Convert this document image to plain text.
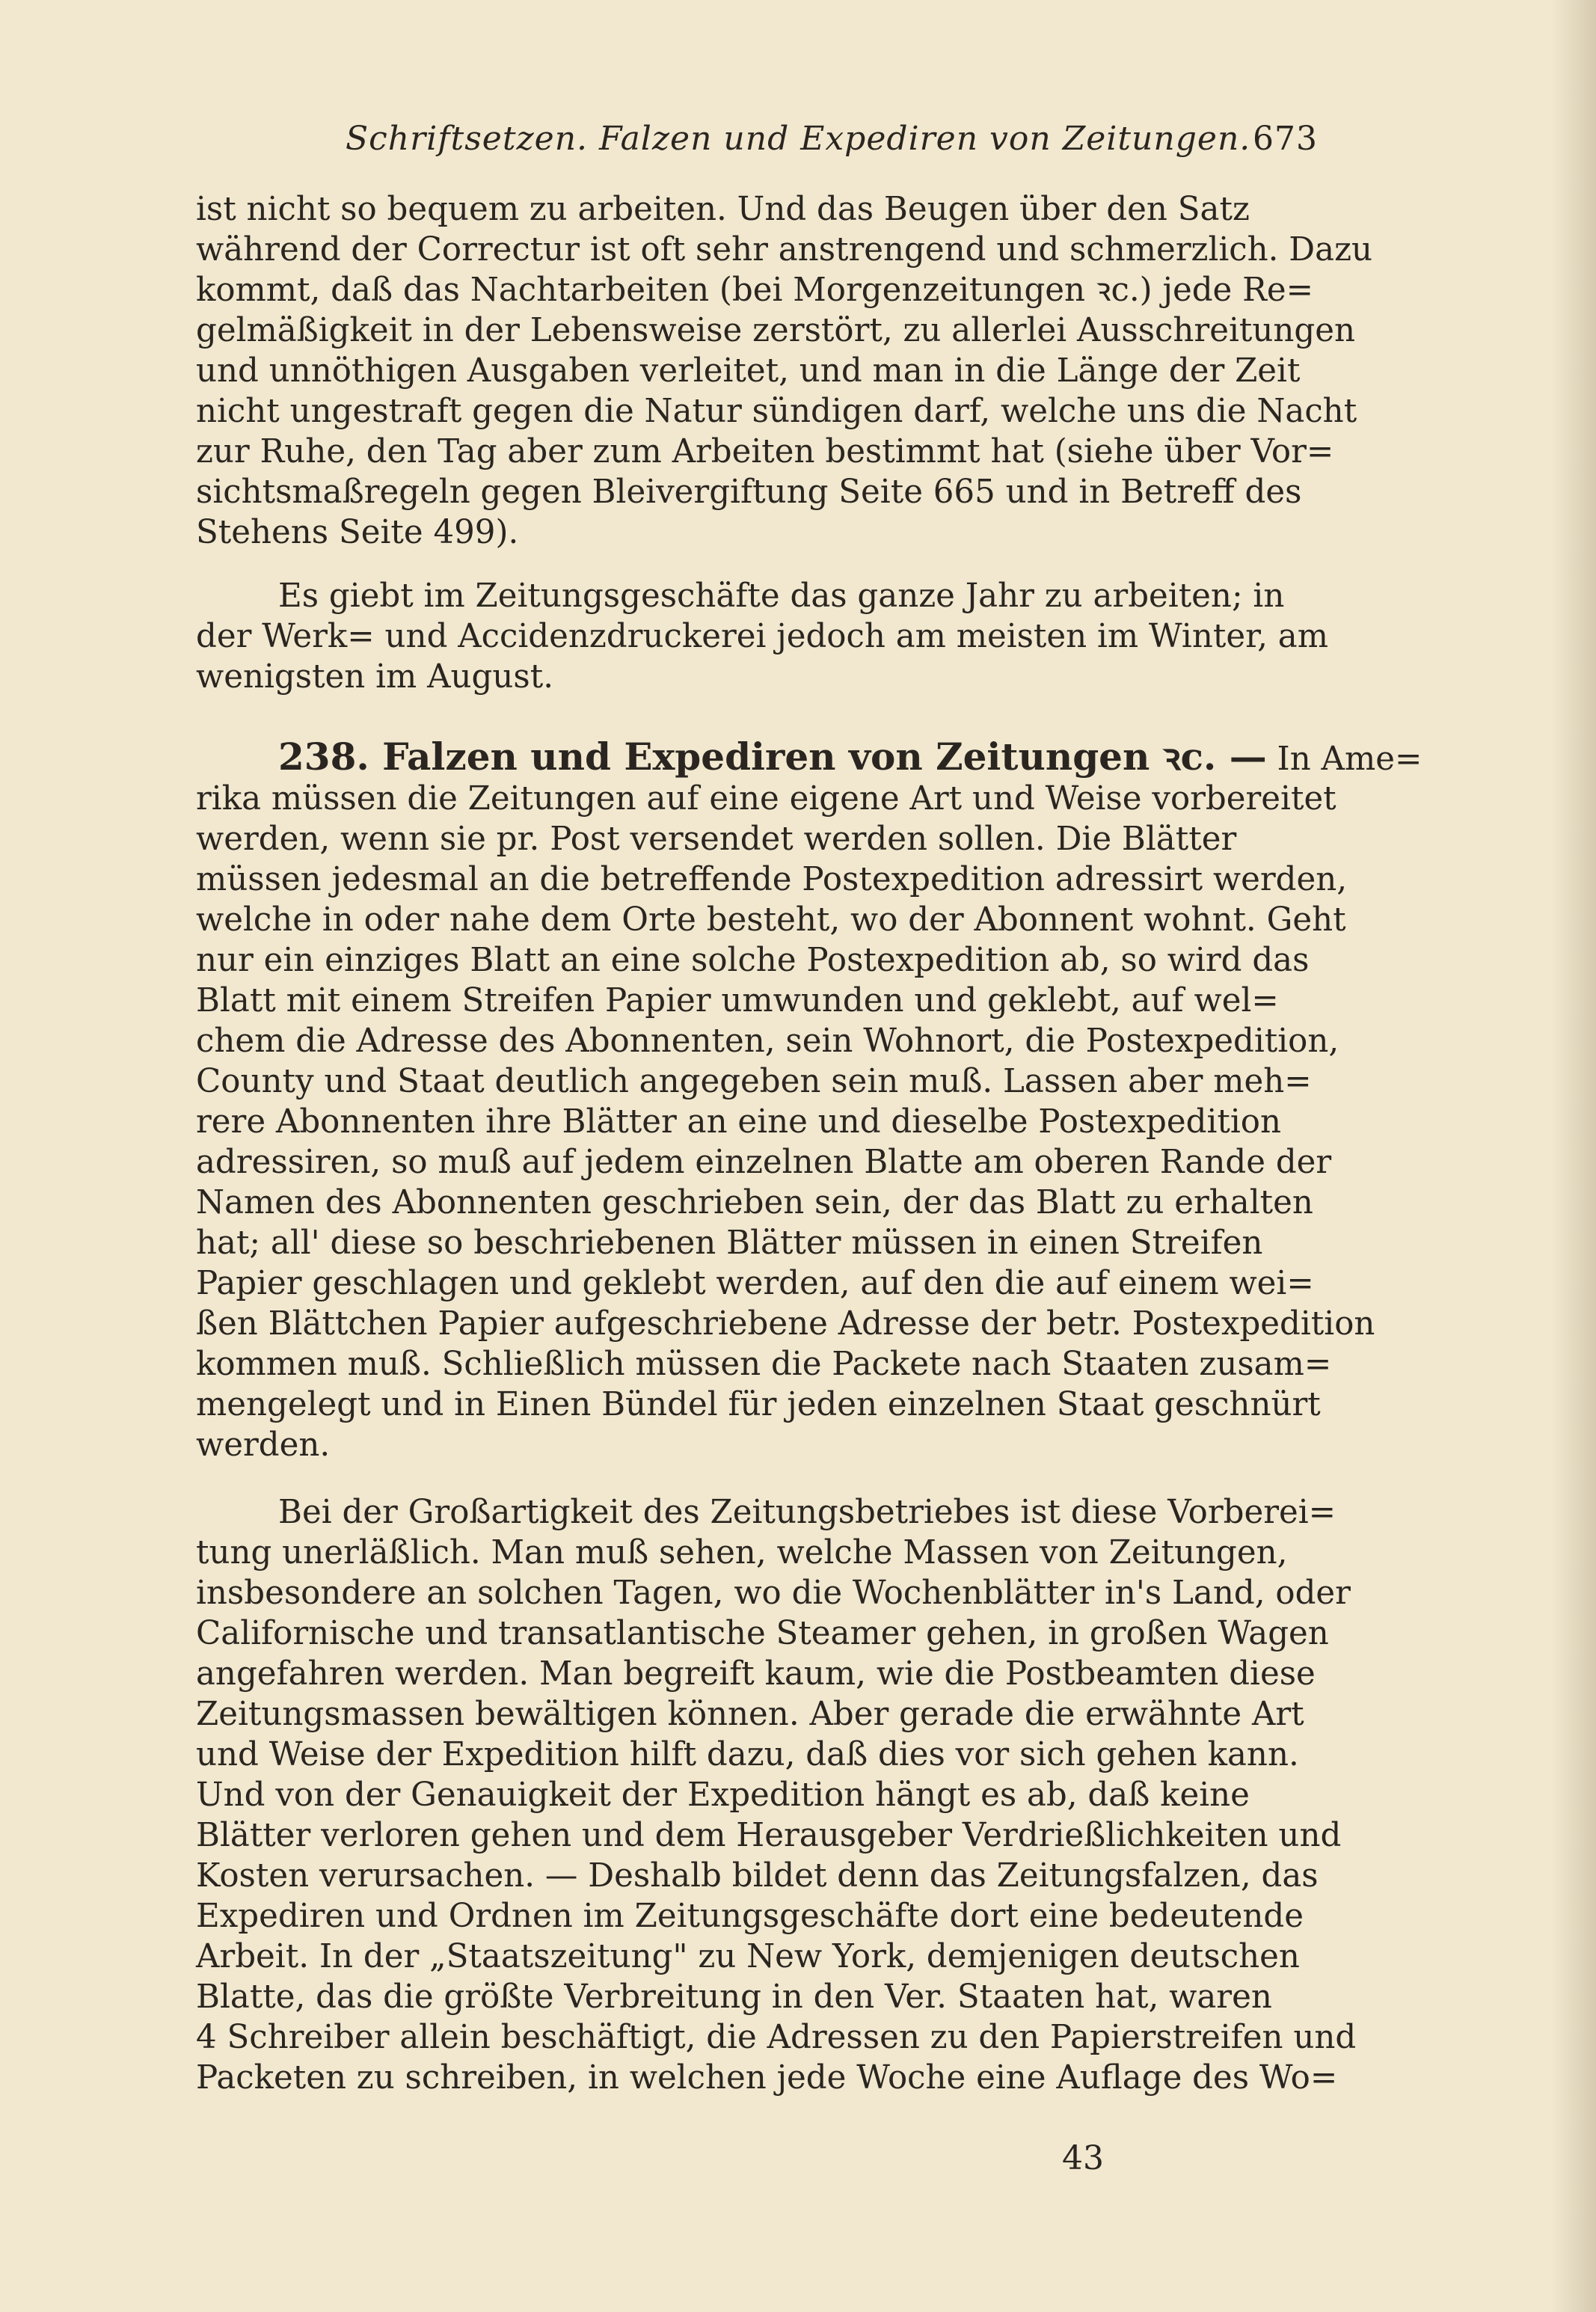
Schriftsetzen. Falzen und Expediren von Zeitungen. 673
ist nicht so bequem zu arbeiten. Und das Beugen über den Satz
während der Correctur ist oft sehr anstrengend und schmerzlich. Dazu
kommt, daß das Nachtarbeiten (bei Morgenzeitungen ꝛc.) jede Re=
gelmäßigkeit in der Lebensweise zerstört, zu allerlei Ausschreitungen
und unnöthigen Ausgaben verleitet, und man in die Länge der Zeit
nicht ungestraft gegen die Natur sündigen darf, welche uns die Nacht
zur Ruhe, den Tag aber zum Arbeiten bestimmt hat (siehe über Vor=
sichtsmaßregeln gegen Bleivergiftung Seite 665 und in Betreff des
Stehens Seite 499).
Es giebt im Zeitungsgeschäfte das ganze Jahr zu arbeiten; in
der Werk= und Accidenzdruckerei jedoch am meisten im Winter, am
wenigsten im August.
238. Falzen und Expediren von Zeitungen ꝛc. — In Ame=
rika müssen die Zeitungen auf eine eigene Art und Weise vorbereitet
werden, wenn sie pr. Post versendet werden sollen. Die Blätter
müssen jedesmal an die betreffende Postexpedition adressirt werden,
welche in oder nahe dem Orte besteht, wo der Abonnent wohnt. Geht
nur ein einziges Blatt an eine solche Postexpedition ab, so wird das
Blatt mit einem Streifen Papier umwunden und geklebt, auf wel=
chem die Adresse des Abonnenten, sein Wohnort, die Postexpedition,
County und Staat deutlich angegeben sein muß. Lassen aber meh=
rere Abonnenten ihre Blätter an eine und dieselbe Postexpedition
adressiren, so muß auf jedem einzelnen Blatte am oberen Rande der
Namen des Abonnenten geschrieben sein, der das Blatt zu erhalten
hat; all' diese so beschriebenen Blätter müssen in einen Streifen
Papier geschlagen und geklebt werden, auf den die auf einem wei=
ßen Blättchen Papier aufgeschriebene Adresse der betr. Postexpedition
kommen muß. Schließlich müssen die Packete nach Staaten zusam=
mengelegt und in Einen Bündel für jeden einzelnen Staat geschnürt
werden.
Bei der Großartigkeit des Zeitungsbetriebes ist diese Vorberei=
tung unerläßlich. Man muß sehen, welche Massen von Zeitungen,
insbesondere an solchen Tagen, wo die Wochenblätter in's Land, oder
Californische und transatlantische Steamer gehen, in großen Wagen
angefahren werden. Man begreift kaum, wie die Postbeamten diese
Zeitungsmassen bewältigen können. Aber gerade die erwähnte Art
und Weise der Expedition hilft dazu, daß dies vor sich gehen kann.
Und von der Genauigkeit der Expedition hängt es ab, daß keine
Blätter verloren gehen und dem Herausgeber Verdrießlichkeiten und
Kosten verursachen. — Deshalb bildet denn das Zeitungsfalzen, das
Expediren und Ordnen im Zeitungsgeschäfte dort eine bedeutende
Arbeit. In der „Staatszeitung" zu New York, demjenigen deutschen
Blatte, das die größte Verbreitung in den Ver. Staaten hat, waren
4 Schreiber allein beschäftigt, die Adressen zu den Papierstreifen und
Packeten zu schreiben, in welchen jede Woche eine Auflage des Wo=
43
